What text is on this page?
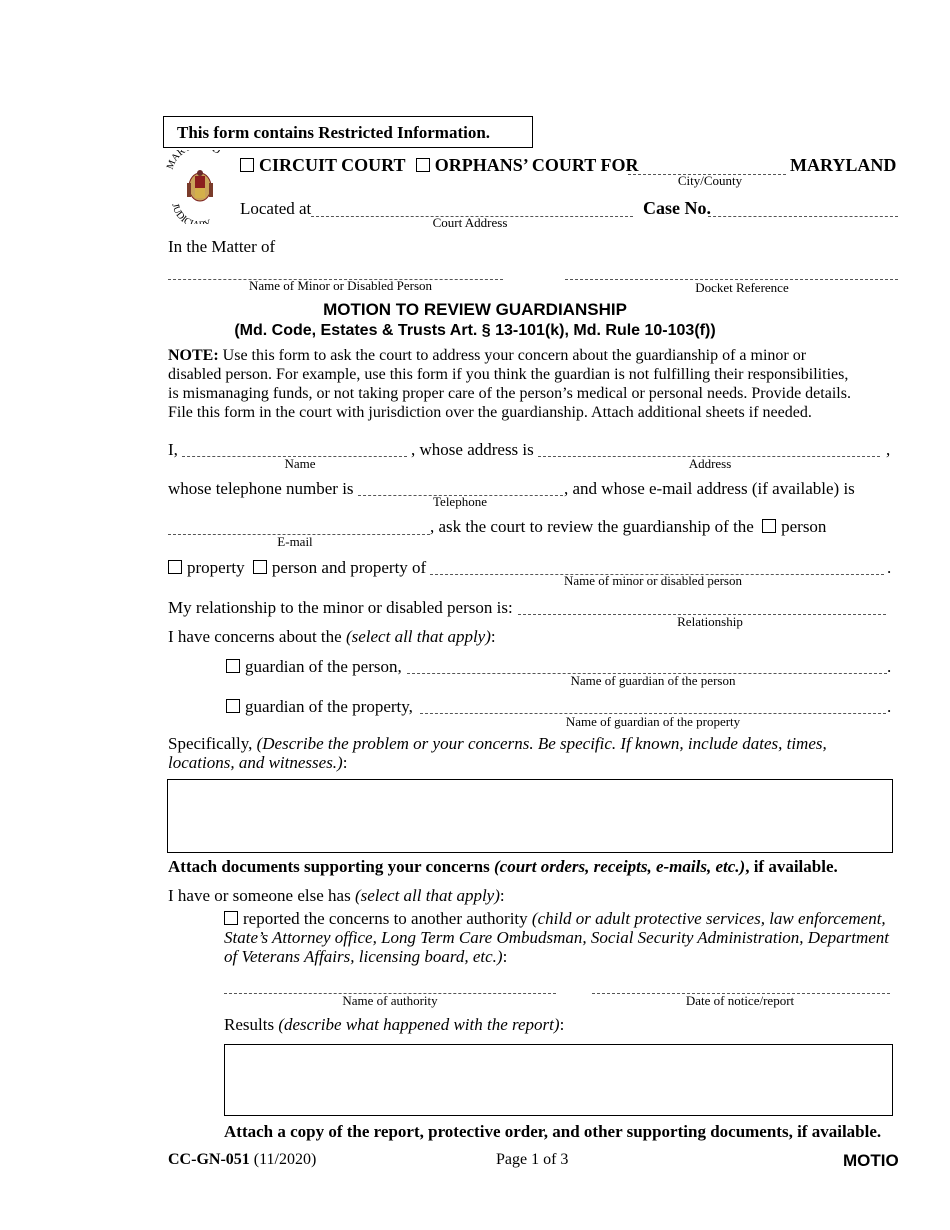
This form contains Restricted Information.
MAR D
JUDICI
CIRCUIT COURT ORPHANS’ COURT FOR	MARYLAND
City/County
Located at
Court Address
Case No.
In the Matter of
Name of Minor or Disabled Person	Docket Reference
MOTION TO REVIEW GUARDIANSHIP
(Md. Code, Estates & Trusts Art. § 13-101(k), Md. Rule 10-103(f))
NOTE: Use this form to ask the court to address your concern about the guardianship of a minor or
disabled person. For example, use this form if you think the guardian is not fulfilling their responsibilities,
is mismanaging funds, or not taking proper care of the person’s medical or personal needs. Provide details.
File this form in the court with jurisdiction over the guardianship. Attach additional sheets if needed.
I,
Name
, whose address is
Address
,
whose telephone number is
Telephone
, and whose e-mail address (if available) is
E-mail
, ask the court to review the guardianship of the person
property person and property of
Name of minor or disabled person
.
My relationship to the minor or disabled person is:
Relationship
I have concerns about the (select all that apply):
guardian of the person,
Name of guardian of the person
.
guardian of the property,
Name of guardian of the property
.
Specifically, (Describe the problem or your concerns. Be specific. If known, include dates, times,
locations, and witnesses.):
Attach documents supporting your concerns (court orders, receipts, e-mails, etc.), if available.
I have or someone else has (select all that apply):
reported the concerns to another authority (child or adult protective services, law enforcement,
State’s Attorney office, Long Term Care Ombudsman, Social Security Administration, Department
of Veterans Affairs, licensing board, etc.):
Name of authority	Date of notice/report
Results (describe what happened with the report):
Attach a copy of the report, protective order, and other supporting documents, if available.
CC-GN-051 (11/2020)	Page 1 of 3	MOTIO
